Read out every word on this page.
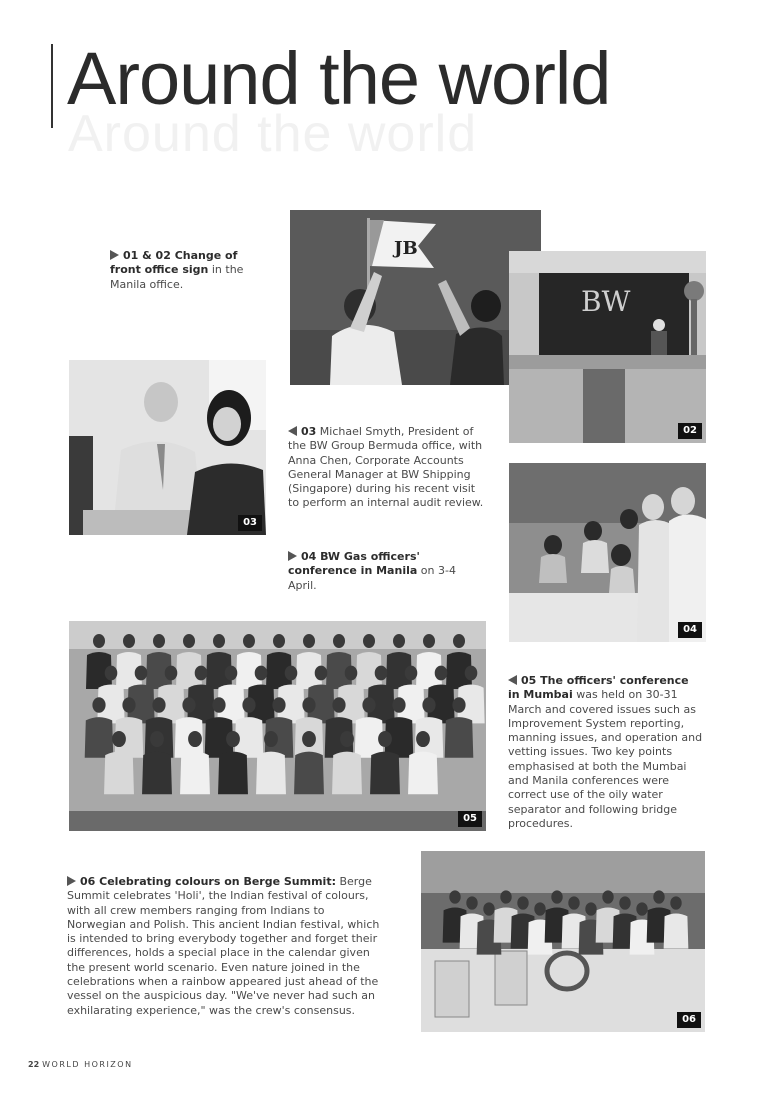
Around the world
Around the world
JB
BW
02
01 & 02 Change of front office sign in the Manila office.
03
03 Michael Smyth, President of the BW Group Bermuda office, with Anna Chen, Corporate Accounts General Manager at BW Shipping (Singapore) during his recent visit to perform an internal audit review.
04
04 BW Gas officers' conference in Manila on 3-4 April.
05
05 The officers' conference in Mumbai was held on 30-31 March and covered issues such as Improvement System reporting, manning issues, and operation and vetting issues. Two key points emphasised at both the Mumbai and Manila conferences were correct use of the oily water separator and following bridge procedures.
06 Celebrating colours on Berge Summit: Berge Summit celebrates 'Holi', the Indian festival of colours, with all crew members ranging from Indians to Norwegian and Polish. This ancient Indian festival, which is intended to bring everybody together and forget their differences, holds a special place in the calendar given the present world scenario. Even nature joined in the celebrations when a rainbow appeared just ahead of the vessel on the auspicious day. "We've never had such an exhilarating experience," was the crew's consensus.
06
22 WORLD HORIZON
